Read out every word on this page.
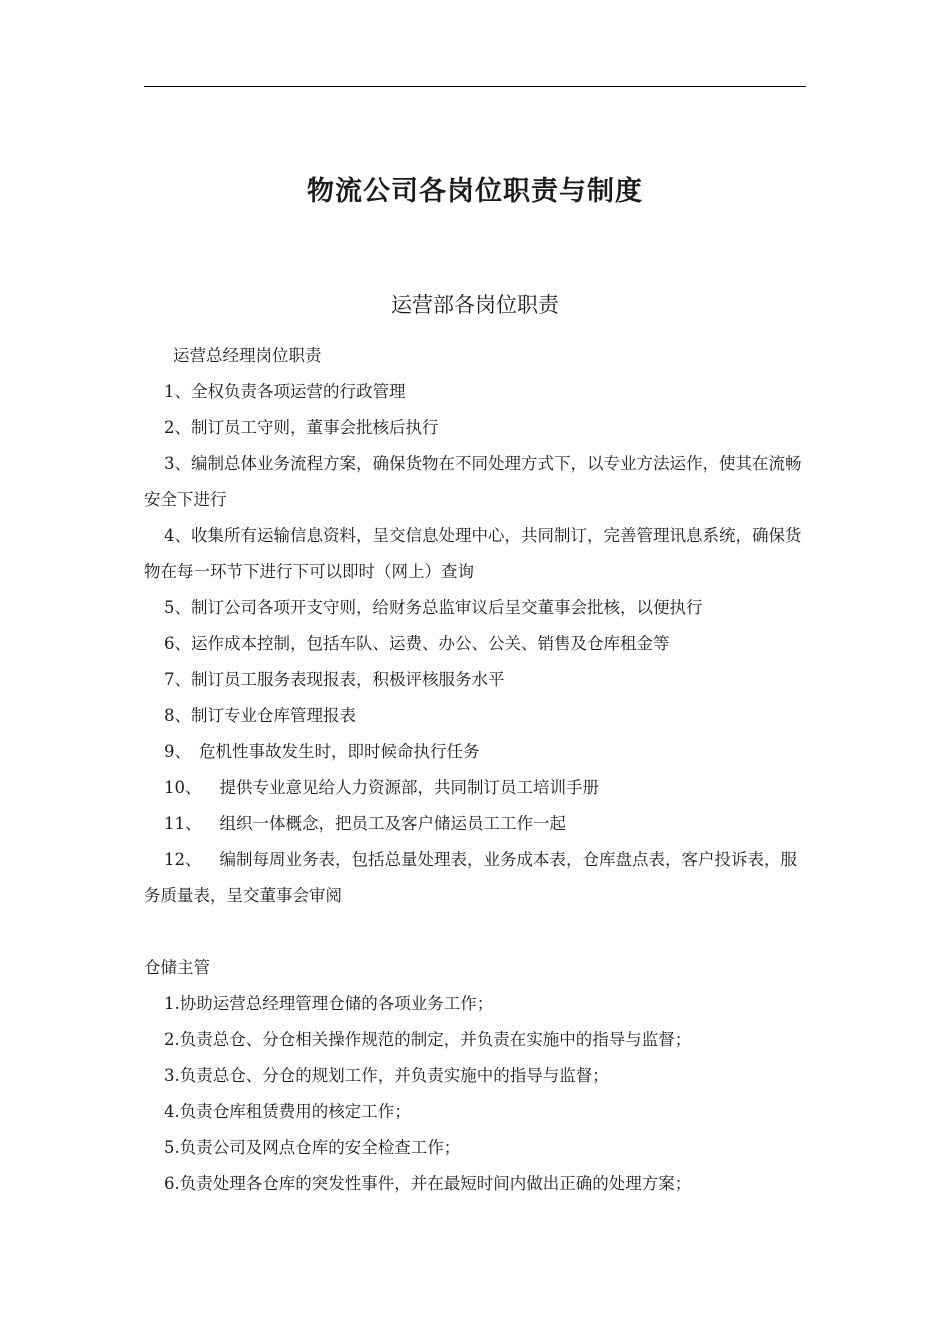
物流公司各岗位职责与制度
运营部各岗位职责

运营总经理岗位职责

1、全权负责各项运营的行政管理

2、制订员工守则，董事会批核后执行

3、编制总体业务流程方案，确保货物在不同处理方式下，以专业方法运作，使其在流畅安全下进行

4、收集所有运输信息资料，呈交信息处理中心，共同制订，完善管理讯息系统，确保货物在每一环节下进行下可以即时（网上）查询

5、制订公司各项开支守则，给财务总监审议后呈交董事会批核，以便执行

6、运作成本控制，包括车队、运费、办公、公关、销售及仓库租金等

7、制订员工服务表现报表，积极评核服务水平

8、制订专业仓库管理报表

9、 危机性事故发生时，即时候命执行任务

10、 提供专业意见给人力资源部，共同制订员工培训手册

11、 组织一体概念，把员工及客户储运员工工作一起

12、 编制每周业务表，包括总量处理表，业务成本表，仓库盘点表，客户投诉表，服务质量表，呈交董事会审阅

仓储主管

1.协助运营总经理管理仓储的各项业务工作；

2.负责总仓、分仓相关操作规范的制定，并负责在实施中的指导与监督；

3.负责总仓、分仓的规划工作，并负责实施中的指导与监督；

4.负责仓库租赁费用的核定工作；

5.负责公司及网点仓库的安全检查工作；

6.负责处理各仓库的突发性事件，并在最短时间内做出正确的处理方案；
